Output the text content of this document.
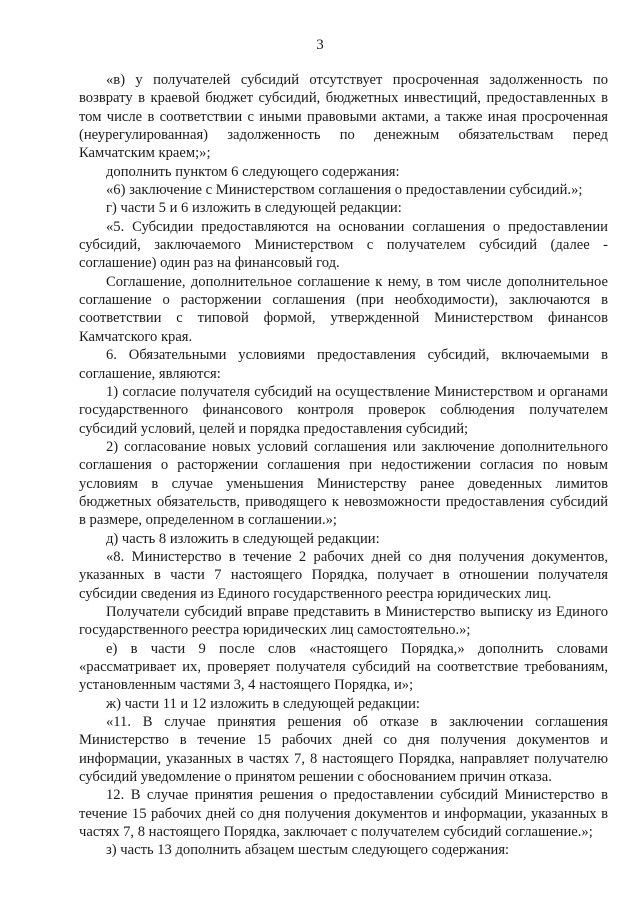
3

«в) у получателей субсидий отсутствует просроченная задолженность по возврату в краевой бюджет субсидий, бюджетных инвестиций, предоставленных в том числе в соответствии с иными правовыми актами, а также иная просроченная (неурегулированная) задолженность по денежным обязательствам перед Камчатским краем;»;

дополнить пунктом 6 следующего содержания:

«6) заключение с Министерством соглашения о предоставлении субсидий.»;

г) части 5 и 6 изложить в следующей редакции:

«5. Субсидии предоставляются на основании соглашения о предоставлении субсидий, заключаемого Министерством с получателем субсидий (далее - соглашение) один раз на финансовый год.

Соглашение, дополнительное соглашение к нему, в том числе дополнительное соглашение о расторжении соглашения (при необходимости), заключаются в соответствии с типовой формой, утвержденной Министерством финансов Камчатского края.

6. Обязательными условиями предоставления субсидий, включаемыми в соглашение, являются:

1) согласие получателя субсидий на осуществление Министерством и органами государственного финансового контроля проверок соблюдения получателем субсидий условий, целей и порядка предоставления субсидий;

2) согласование новых условий соглашения или заключение дополнительного соглашения о расторжении соглашения при недостижении согласия по новым условиям в случае уменьшения Министерству ранее доведенных лимитов бюджетных обязательств, приводящего к невозможности предоставления субсидий в размере, определенном в соглашении.»;

д) часть 8 изложить в следующей редакции:

«8. Министерство в течение 2 рабочих дней со дня получения документов, указанных в части 7 настоящего Порядка, получает в отношении получателя субсидии сведения из Единого государственного реестра юридических лиц.

Получатели субсидий вправе представить в Министерство выписку из Единого государственного реестра юридических лиц самостоятельно.»;

е) в части 9 после слов «настоящего Порядка,» дополнить словами «рассматривает их, проверяет получателя субсидий на соответствие требованиям, установленным частями 3, 4 настоящего Порядка, и»;

ж) части 11 и 12 изложить в следующей редакции:

«11. В случае принятия решения об отказе в заключении соглашения Министерство в течение 15 рабочих дней со дня получения документов и информации, указанных в частях 7, 8 настоящего Порядка, направляет получателю субсидий уведомление о принятом решении с обоснованием причин отказа.

12. В случае принятия решения о предоставлении субсидий Министерство в течение 15 рабочих дней со дня получения документов и информации, указанных в частях 7, 8 настоящего Порядка, заключает с получателем субсидий соглашение.»;

з) часть 13 дополнить абзацем шестым следующего содержания:
